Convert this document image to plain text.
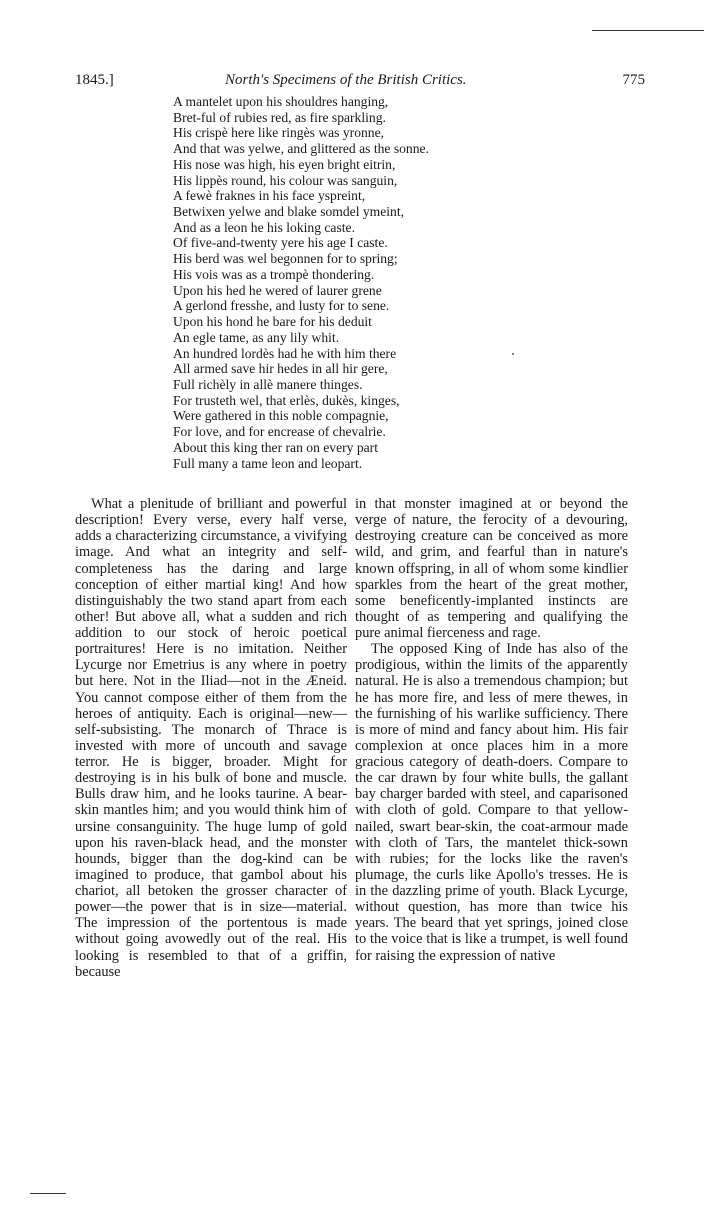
1845.]	North's Specimens of the British Critics.	775
A mantelet upon his shouldres hanging,
Bret-ful of rubies red, as fire sparkling.
His crispè here like ringès was yronne,
And that was yelwe, and glittered as the sonne.
His nose was high, his eyen bright eitrin,
His lippès round, his colour was sanguin,
A fewè fraknes in his face yspreint,
Betwixen yelwe and blake somdel ymeint,
And as a leon he his loking caste.
Of five-and-twenty yere his age I caste.
His berd was wel begonnen for to spring;
His vois was as a trompè thondering.
Upon his hed he wered of laurer grene
A gerlond fresshe, and lusty for to sene.
Upon his hond he bare for his deduit
An egle tame, as any lily whit.
An hundred lordès had he with him there
All armed save hir hedes in all hir gere,
Full richèly in allè manere thinges.
For trusteth wel, that erlès, dukès, kinges,
Were gathered in this noble compagnie,
For love, and for encrease of chevalrie.
About this king ther ran on every part
Full many a tame leon and leopart.

What a plenitude of brilliant and powerful description! Every verse, every half verse, adds a characterizing circumstance, a vivifying image. And what an integrity and self-completeness has the daring and large conception of either martial king! And how distinguishably the two stand apart from each other! But above all, what a sudden and rich addition to our stock of heroic poetical portraitures! Here is no imitation. Neither Lycurge nor Emetrius is any where in poetry but here. Not in the Iliad—not in the Æneid. You cannot compose either of them from the heroes of antiquity. Each is original—new—self-subsisting. The monarch of Thrace is invested with more of uncouth and savage terror. He is bigger, broader. Might for destroying is in his bulk of bone and muscle. Bulls draw him, and he looks taurine. A bear-skin mantles him; and you would think him of ursine consanguinity. The huge lump of gold upon his raven-black head, and the monster hounds, bigger than the dog-kind can be imagined to produce, that gambol about his chariot, all betoken the grosser character of power—the power that is in size—material. The impression of the portentous is made without going avowedly out of the real. His looking is resembled to that of a griffin, because

in that monster imagined at or beyond the verge of nature, the ferocity of a devouring, destroying creature can be conceived as more wild, and grim, and fearful than in nature's known offspring, in all of whom some kindlier sparkles from the heart of the great mother, some beneficently-implanted instincts are thought of as tempering and qualifying the pure animal fierceness and rage.

The opposed King of Inde has also of the prodigious, within the limits of the apparently natural. He is also a tremendous champion; but he has more fire, and less of mere thewes, in the furnishing of his warlike sufficiency. There is more of mind and fancy about him. His fair complexion at once places him in a more gracious category of death-doers. Compare to the car drawn by four white bulls, the gallant bay charger barded with steel, and caparisoned with cloth of gold. Compare to that yellow-nailed, swart bear-skin, the coat-armour made with cloth of Tars, the mantelet thick-sown with rubies; for the locks like the raven's plumage, the curls like Apollo's tresses. He is in the dazzling prime of youth. Black Lycurge, without question, has more than twice his years. The beard that yet springs, joined close to the voice that is like a trumpet, is well found for raising the expression of native
